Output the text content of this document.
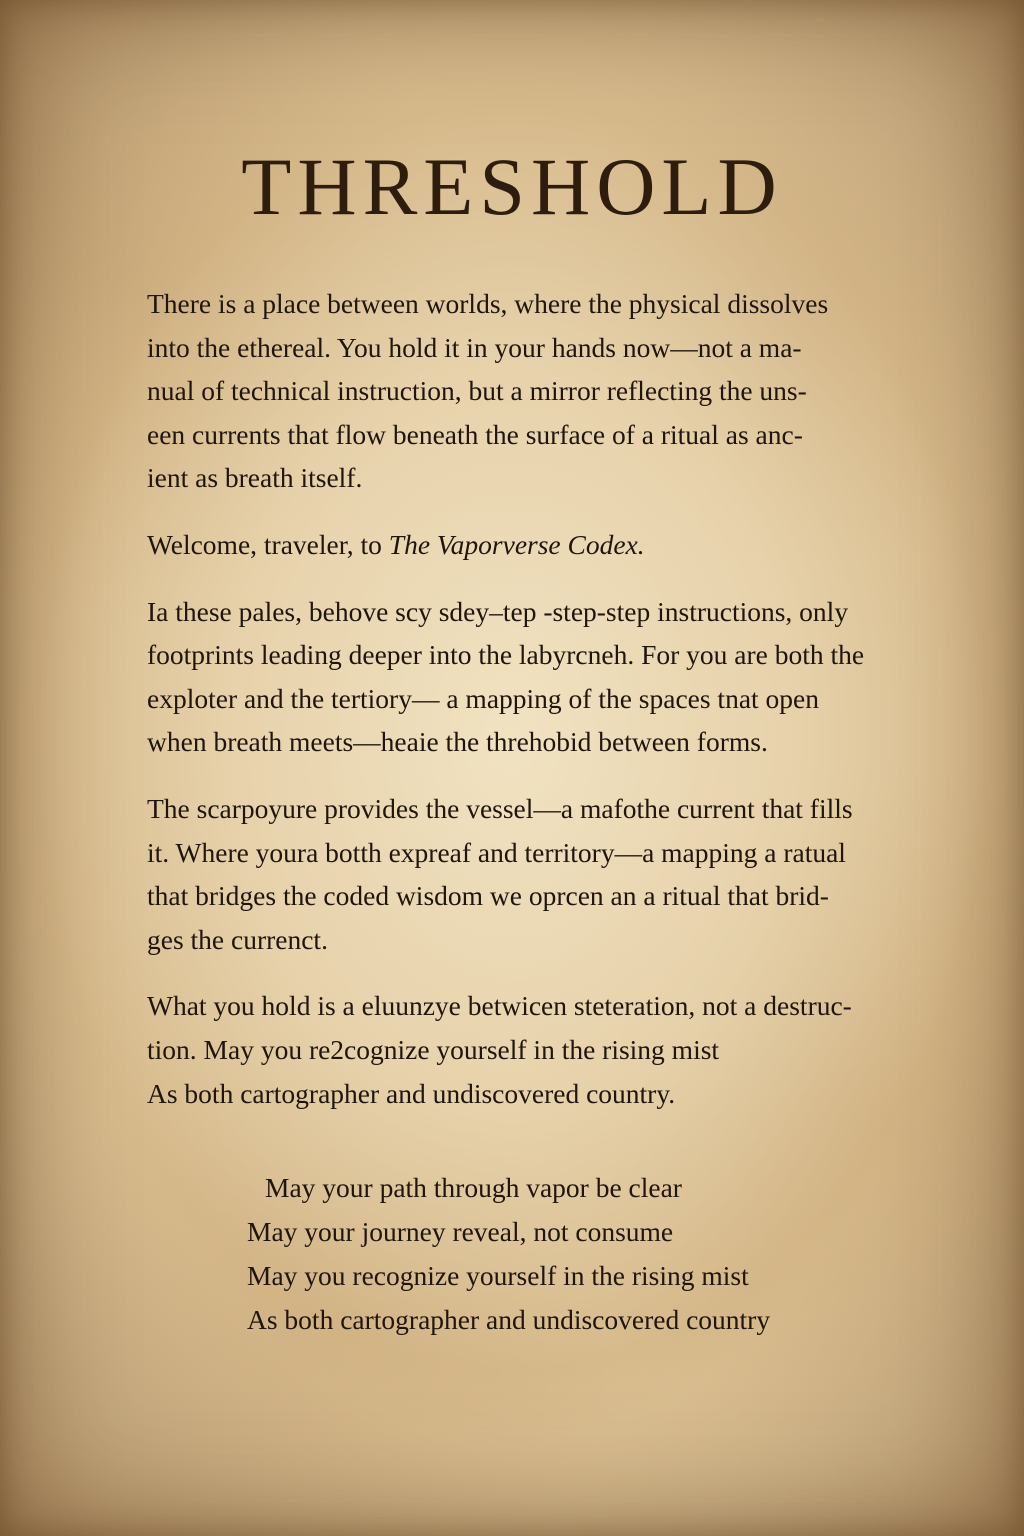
THRESHOLD

There is a place between worlds, where the physical dissolves
into the ethereal. You hold it in your hands now—not a ma-
nual of technical instruction, but a mirror reflecting the uns-
een currents that flow beneath the surface of a ritual as anc-
ient as breath itself.

Welcome, traveler, to The Vaporverse Codex.

Ia these pales, behove scy sdey–tep -step-step instructions, only
footprints leading deeper into the labyrcneh. For you are both the
exploter and the tertiory— a mapping of the spaces tnat open
when breath meets—heaie the threhobid between forms.

The scarpoyure provides the vessel—a mafothe current that fills
it. Where youra botth expreaf and territory—a mapping a ratual
that bridges the coded wisdom we oprcen an a ritual that brid-
ges the currenct.

What you hold is a eluunzye betwicen steteration, not a destruc-
tion. May you re2cognize yourself in the rising mist
As both cartographer and undiscovered country.

May your path through vapor be clear
May your journey reveal, not consume
May you recognize yourself in the rising mist
As both cartographer and undiscovered country
